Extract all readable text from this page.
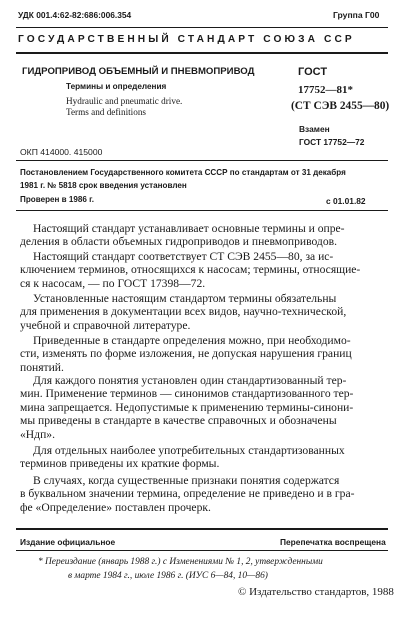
УДК 001.4:62-82:686:006.354	Группа Г00
ГОСУДАРСТВЕННЫЙ СТАНДАРТ СОЮЗА ССР
ГИДРОПРИВОД ОБЪЕМНЫЙ И ПНЕВМОПРИВОД
Термины и определения
Hydraulic and pneumatic drive.
Terms and definitions
ГОСТ
17752—81*
(СТ СЭВ 2455—80)
Взамен
ГОСТ 17752—72
ОКП 414000. 415000
Постановлением Государственного комитета СССР по стандартам от 31 декабря
1981 г. № 5818 срок введения установлен
Проверен в 1986 г.	с 01.01.82
Настоящий стандарт устанавливает основные термины и опре-
деления в области объемных гидроприводов и пневмоприводов.
Настоящий стандарт соответствует СТ СЭВ 2455—80, за ис-
ключением терминов, относящихся к насосам; термины, относящие-
ся к насосам, — по ГОСТ 17398—72.
Установленные настоящим стандартом термины обязательны
для применения в документации всех видов, научно-технической,
учебной и справочной литературе.
Приведенные в стандарте определения можно, при необходимо-
сти, изменять по форме изложения, не допуская нарушения границ
понятий.
Для каждого понятия установлен один стандартизованный тер-
мин. Применение терминов — синонимов стандартизованного тер-
мина запрещается. Недопустимые к применению термины-синони-
мы приведены в стандарте в качестве справочных и обозначены
«Ндп».
Для отдельных наиболее употребительных стандартизованных
терминов приведены их краткие формы.
В случаях, когда существенные признаки понятия содержатся
в буквальном значении термина, определение не приведено и в гра-
фе «Определение» поставлен прочерк.
Издание официальное	Перепечатка воспрещена
* Переиздание (январь 1988 г.) с Изменениями № 1, 2, утвержденными
в марте 1984 г., июле 1986 г. (ИУС 6—84, 10—86)
© Издательство стандартов, 1988
